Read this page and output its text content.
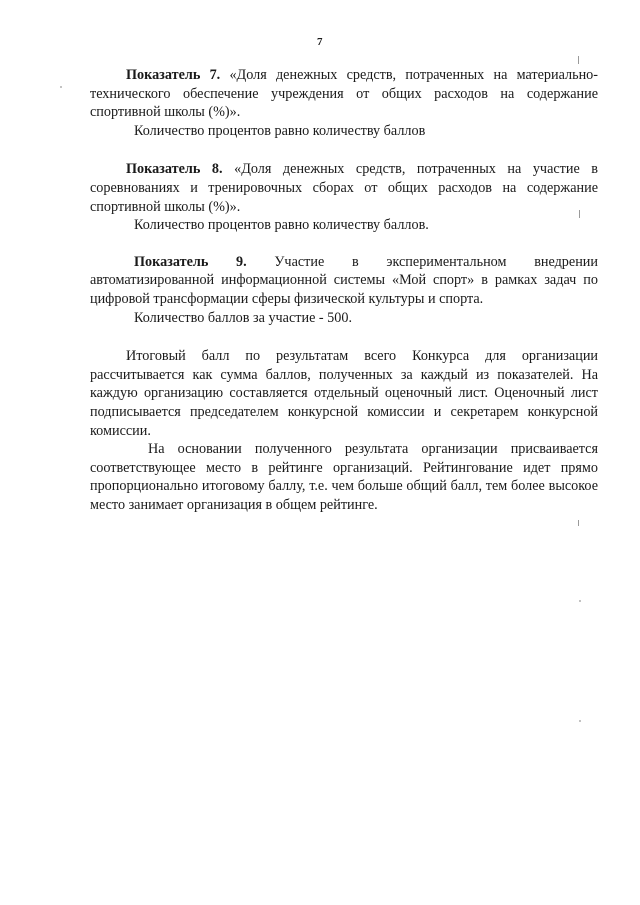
7

Показатель 7. «Доля денежных средств, потраченных на материально- технического обеспечение учреждения от общих расходов на содержание спортивной школы (%)».

Количество процентов равно количеству баллов

Показатель 8. «Доля денежных средств, потраченных на участие в соревнованиях и тренировочных сборах от общих расходов на содержание спортивной школы (%)».

Количество процентов равно количеству баллов.

Показатель 9. Участие в экспериментальном внедрении

автоматизированной информационной системы «Мой спорт» в рамках задач по цифровой трансформации сферы физической культуры и спорта.

Количество баллов за участие - 500.

Итоговый балл по результатам всего Конкурса для организации рассчитывается как сумма баллов, полученных за каждый из показателей. На каждую организацию составляется отдельный оценочный лист. Оценочный лист подписывается председателем конкурсной комиссии и секретарем конкурсной комиссии.

На основании полученного результата организации присваивается соответствующее место в рейтинге организаций. Рейтингование идет прямо пропорционально итоговому баллу, т.е. чем больше общий балл, тем более высокое место занимает организация в общем рейтинге.
